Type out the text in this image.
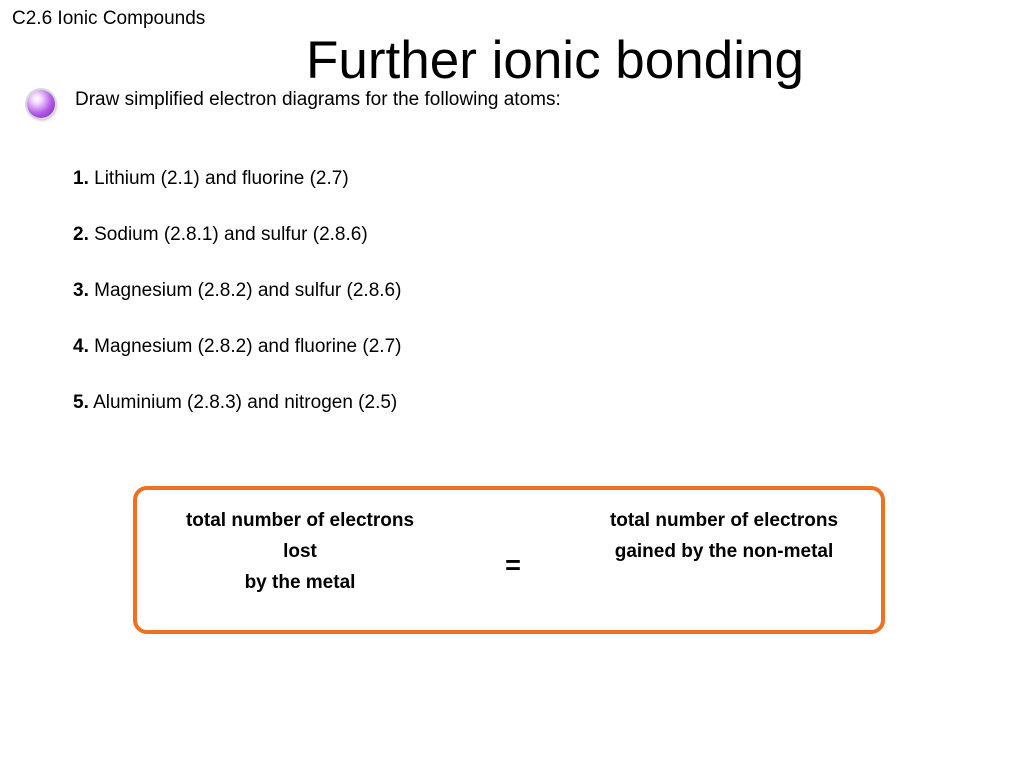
C2.6 Ionic Compounds
Further ionic bonding
Draw simplified electron diagrams for the following atoms:
1. Lithium (2.1) and fluorine (2.7)
2. Sodium (2.8.1) and sulfur (2.8.6)
3. Magnesium (2.8.2) and sulfur (2.8.6)
4. Magnesium (2.8.2) and fluorine (2.7)
5. Aluminium (2.8.3) and nitrogen (2.5)
total number of electrons
lost
by the metal
=
total number of electrons
gained by the non-metal
